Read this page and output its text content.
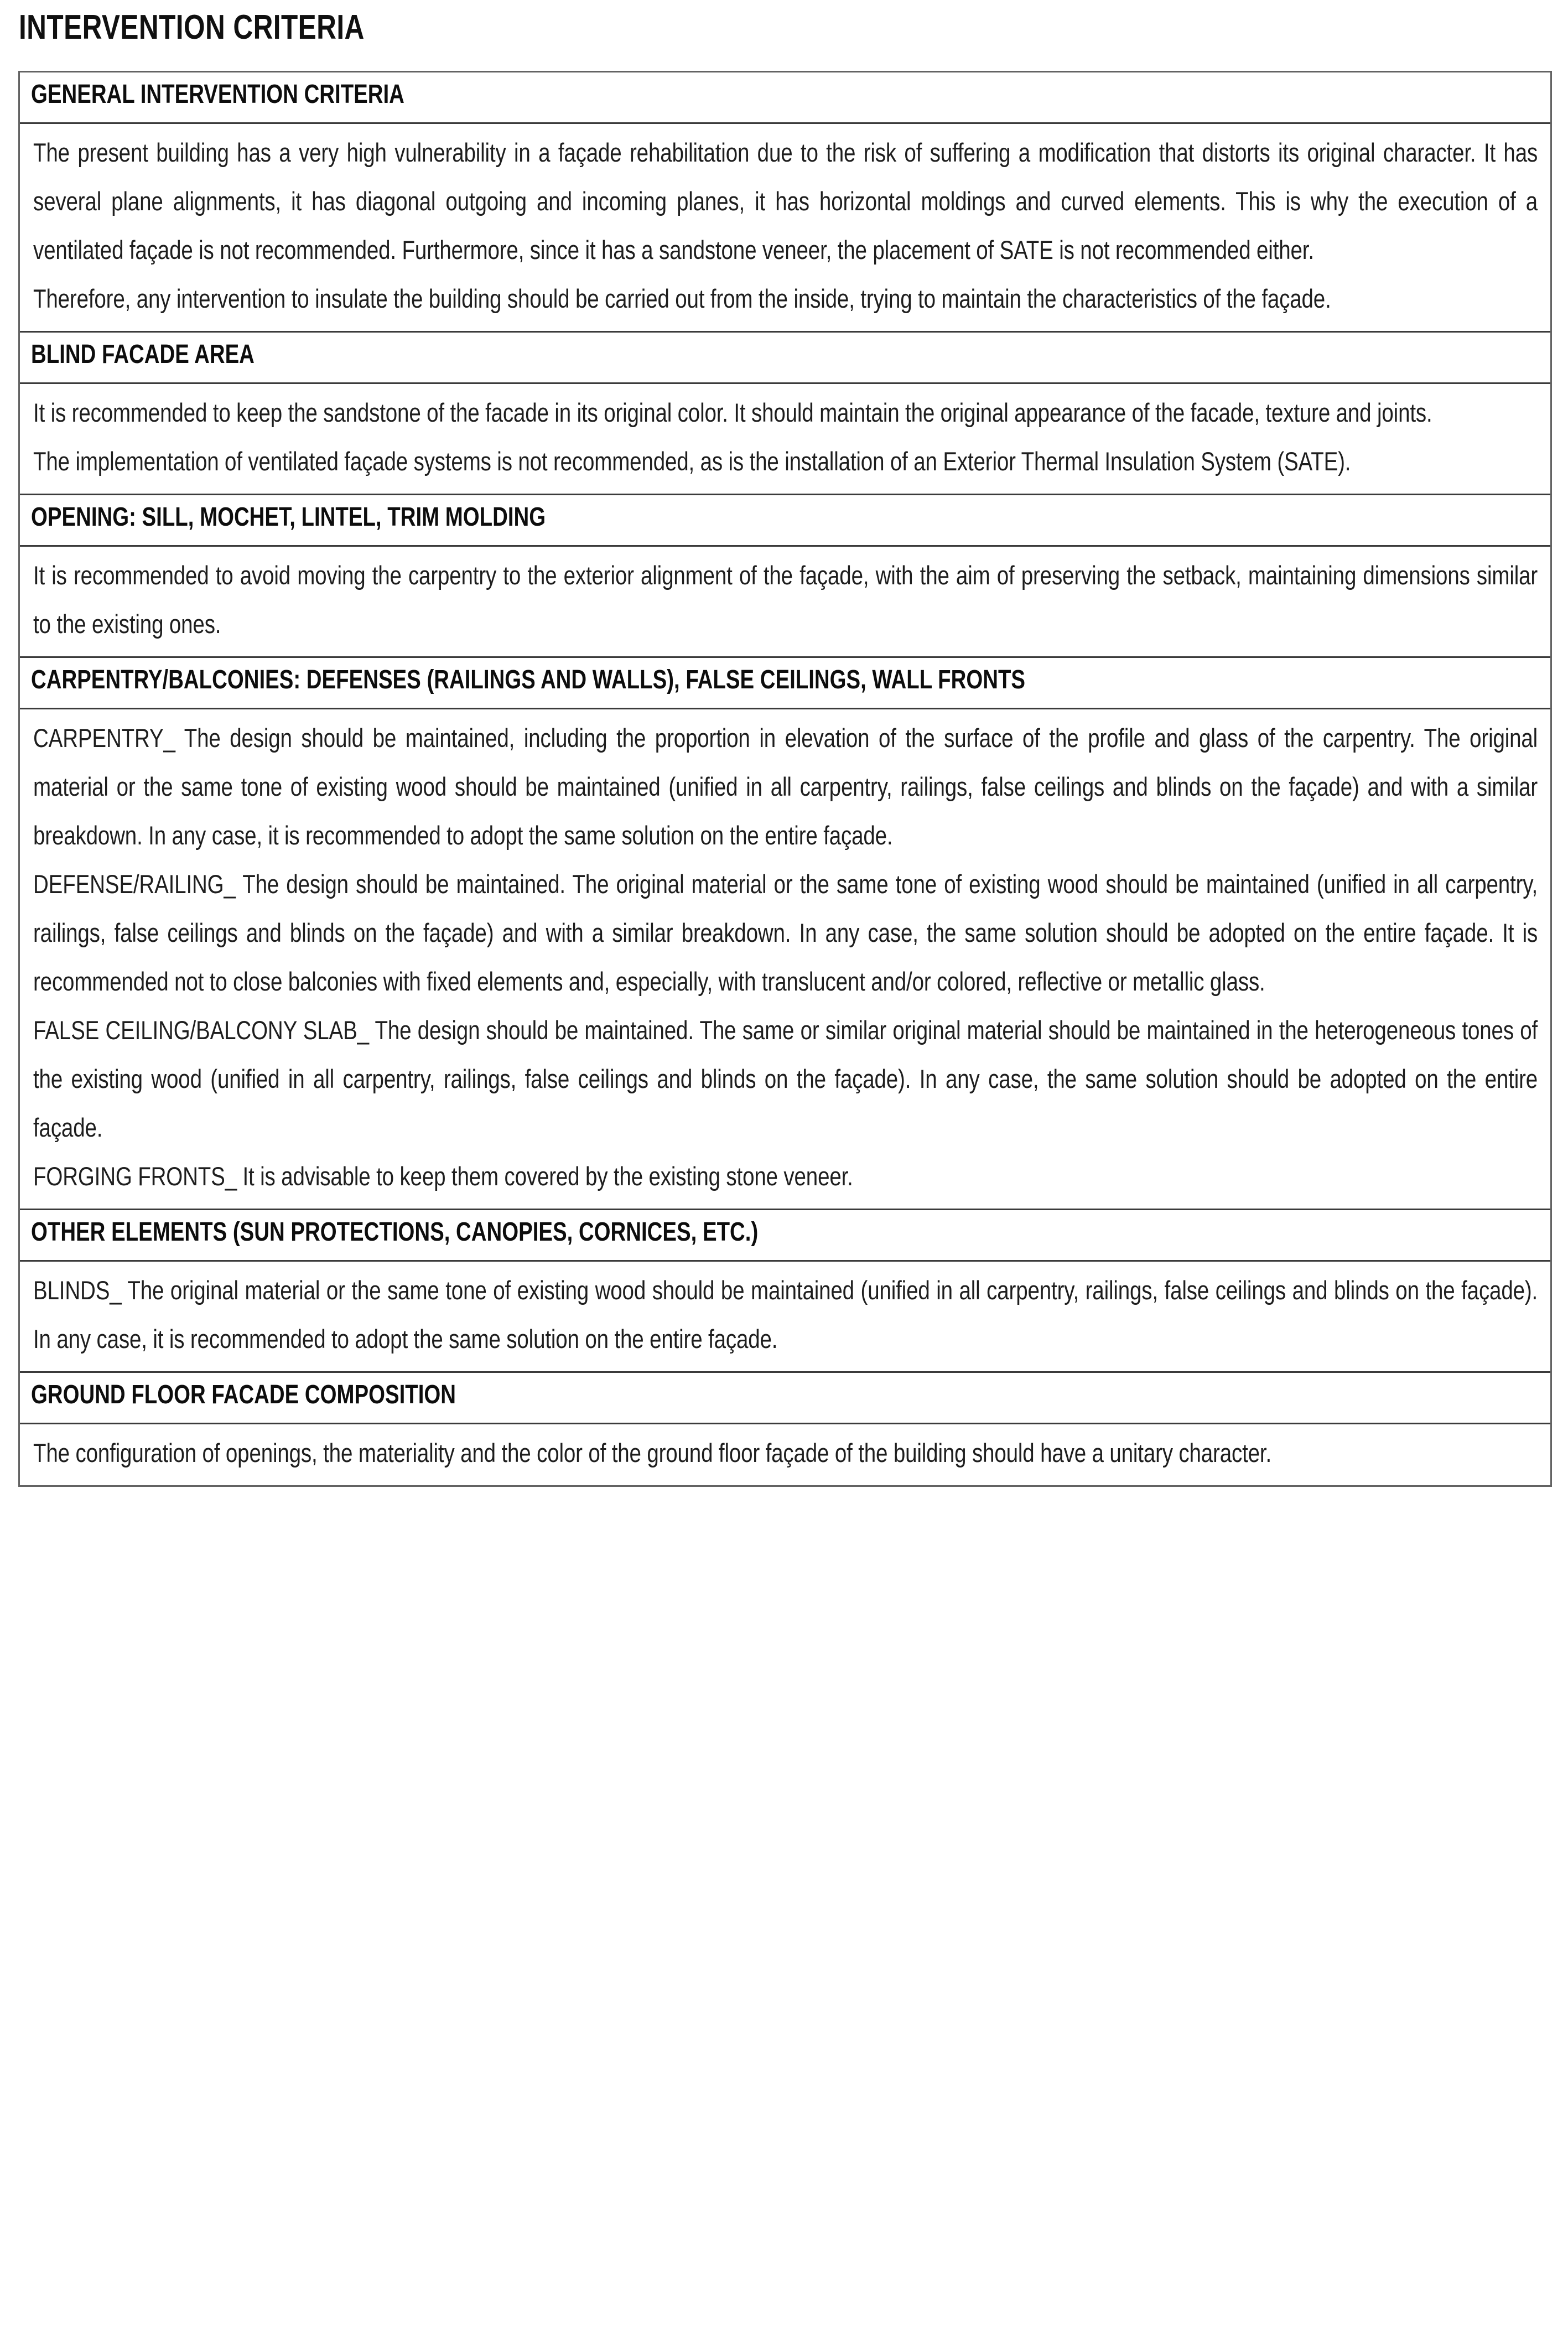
INTERVENTION CRITERIA
GENERAL INTERVENTION CRITERIA

The present building has a very high vulnerability in a façade rehabilitation due to the risk of suffering a modification that distorts its original character. It has several plane alignments, it has diagonal outgoing and incoming planes, it has horizontal moldings and curved elements. This is why the execution of a ventilated façade is not recommended. Furthermore, since it has a sandstone veneer, the placement of SATE is not recommended either.

Therefore, any intervention to insulate the building should be carried out from the inside, trying to maintain the characteristics of the façade.

BLIND FACADE AREA

It is recommended to keep the sandstone of the facade in its original color. It should maintain the original appearance of the facade, texture and joints.

The implementation of ventilated façade systems is not recommended, as is the installation of an Exterior Thermal Insulation System (SATE).

OPENING: SILL, MOCHET, LINTEL, TRIM MOLDING

It is recommended to avoid moving the carpentry to the exterior alignment of the façade, with the aim of preserving the setback, maintaining dimensions similar to the existing ones.

CARPENTRY/BALCONIES: DEFENSES (RAILINGS AND WALLS), FALSE CEILINGS, WALL FRONTS

CARPENTRY_ The design should be maintained, including the proportion in elevation of the surface of the profile and glass of the carpentry. The original material or the same tone of existing wood should be maintained (unified in all carpentry, railings, false ceilings and blinds on the façade) and with a similar breakdown. In any case, it is recommended to adopt the same solution on the entire façade.

DEFENSE/RAILING_ The design should be maintained. The original material or the same tone of existing wood should be maintained (unified in all carpentry, railings, false ceilings and blinds on the façade) and with a similar breakdown. In any case, the same solution should be adopted on the entire façade. It is recommended not to close balconies with fixed elements and, especially, with translucent and/or colored, reflective or metallic glass.

FALSE CEILING/BALCONY SLAB_ The design should be maintained. The same or similar original material should be maintained in the heterogeneous tones of the existing wood (unified in all carpentry, railings, false ceilings and blinds on the façade). In any case, the same solution should be adopted on the entire façade.

FORGING FRONTS_ It is advisable to keep them covered by the existing stone veneer.

OTHER ELEMENTS (SUN PROTECTIONS, CANOPIES, CORNICES, ETC.)

BLINDS_ The original material or the same tone of existing wood should be maintained (unified in all carpentry, railings, false ceilings and blinds on the façade). In any case, it is recommended to adopt the same solution on the entire façade.

GROUND FLOOR FACADE COMPOSITION

The configuration of openings, the materiality and the color of the ground floor façade of the building should have a unitary character.
